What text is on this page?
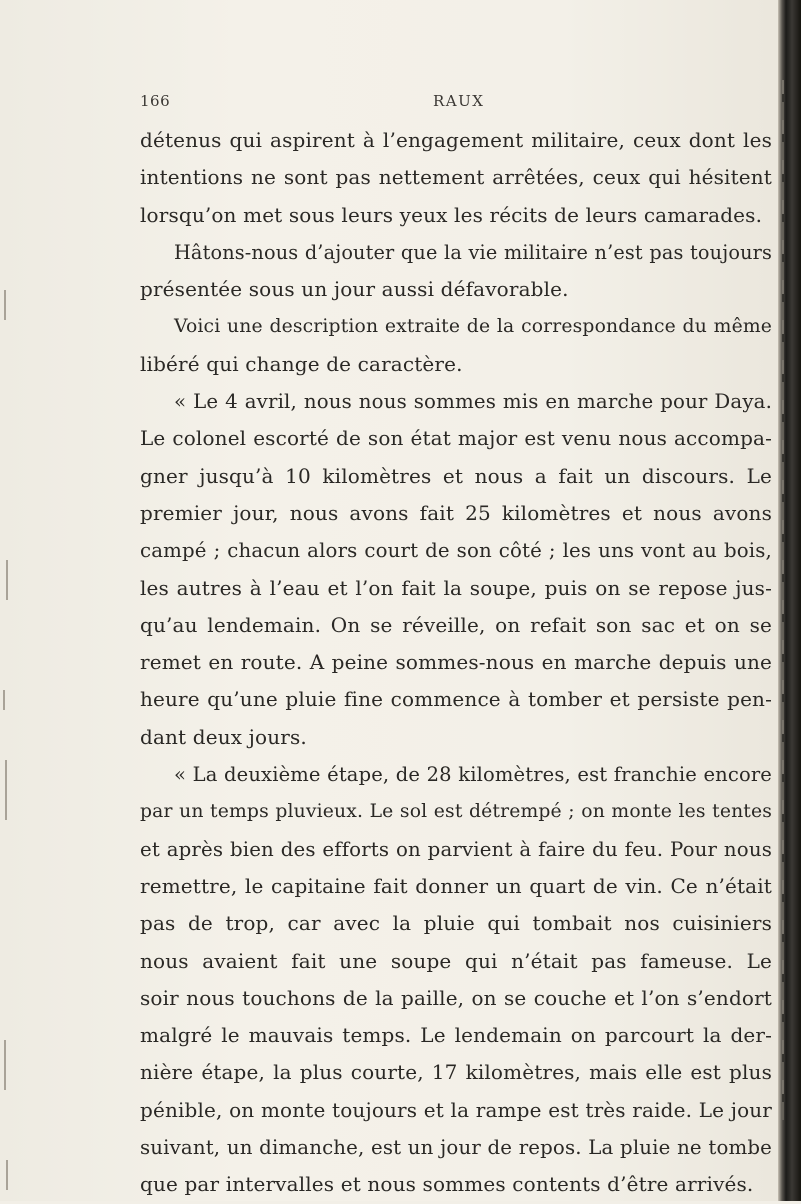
166	RAUX
détenus qui aspirent à l’engagement militaire, ceux dont les
intentions ne sont pas nettement arrêtées, ceux qui hésitent
lorsqu’on met sous leurs yeux les récits de leurs camarades.
Hâtons-nous d’ajouter que la vie militaire n’est pas toujours
présentée sous un jour aussi défavorable.
Voici une description extraite de la correspondance du même
libéré qui change de caractère.
« Le 4 avril, nous nous sommes mis en marche pour Daya.
Le colonel escorté de son état major est venu nous accompa-
gner jusqu’à 10 kilomètres et nous a fait un discours. Le
premier jour, nous avons fait 25 kilomètres et nous avons
campé ; chacun alors court de son côté ; les uns vont au bois,
les autres à l’eau et l’on fait la soupe, puis on se repose jus-
qu’au lendemain. On se réveille, on refait son sac et on se
remet en route. A peine sommes-nous en marche depuis une
heure qu’une pluie fine commence à tomber et persiste pen-
dant deux jours.
« La deuxième étape, de 28 kilomètres, est franchie encore
par un temps pluvieux. Le sol est détrempé ; on monte les tentes
et après bien des efforts on parvient à faire du feu. Pour nous
remettre, le capitaine fait donner un quart de vin. Ce n’était
pas de trop, car avec la pluie qui tombait nos cuisiniers
nous avaient fait une soupe qui n’était pas fameuse. Le
soir nous touchons de la paille, on se couche et l’on s’endort
malgré le mauvais temps. Le lendemain on parcourt la der-
nière étape, la plus courte, 17 kilomètres, mais elle est plus
pénible, on monte toujours et la rampe est très raide. Le jour
suivant, un dimanche, est un jour de repos. La pluie ne tombe
que par intervalles et nous sommes contents d’être arrivés.
